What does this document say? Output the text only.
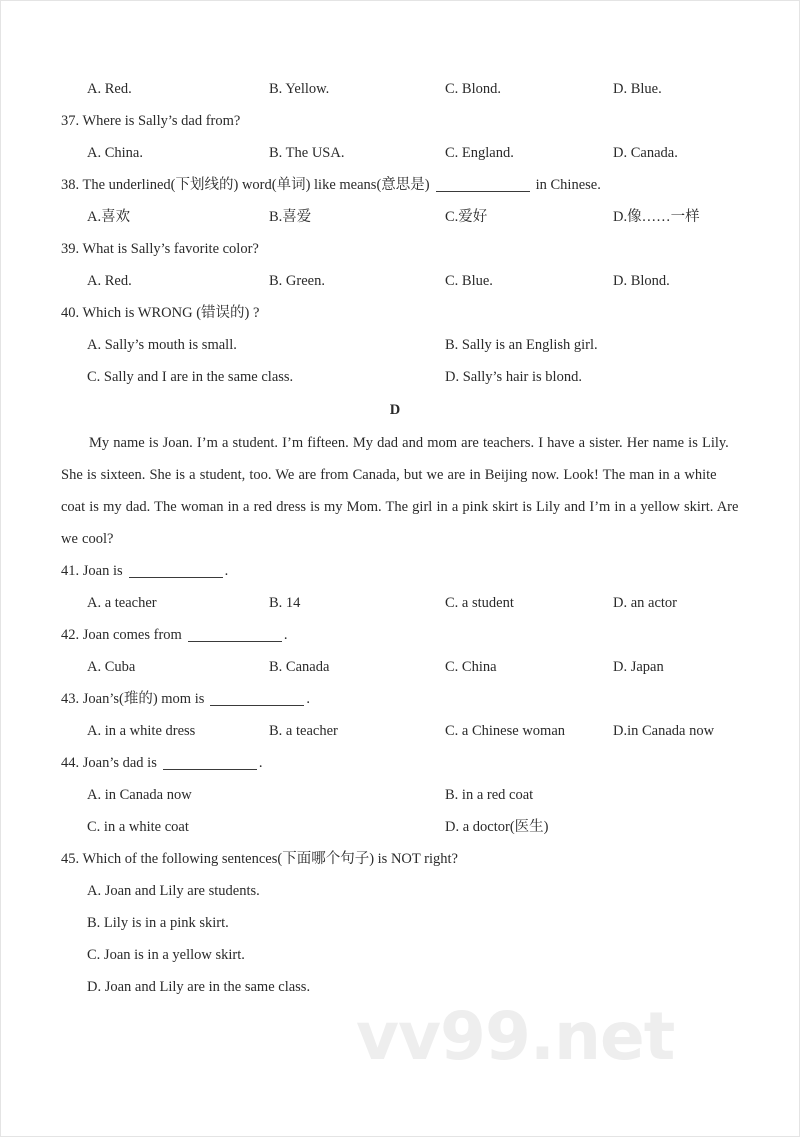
A. Red.	B. Yellow.	C. Blond.	D. Blue.
37. Where is Sally’s dad from?
A. China.	B. The USA.	C. England.	D. Canada.
38. The underlined(下划线的) word(单词) like means(意思是)	in Chinese.
A.喜欢	B.喜爱	C.爱好	D.像……一样
39. What is Sally’s favorite color?
A. Red.	B. Green.	C. Blue.	D. Blond.
40. Which is WRONG (错误的) ?
A. Sally’s mouth is small.	B. Sally is an English girl.
C. Sally and I are in the same class.	D. Sally’s hair is blond.
D

My name is Joan. I’m a student. I’m fifteen. My dad and mom are teachers. I have a sister. Her name is Lily. She is sixteen. She is a student, too. We are from Canada, but we are in Beijing now. Look! The man in a white coat is my dad. The woman in a red dress is my Mom. The girl in a pink skirt is Lily and I’m in a yellow skirt. Are we cool?

41. Joan is	.
A. a teacher	B. 14	C. a student	D. an actor
42. Joan comes from	.
A. Cuba	B. Canada	C. China	D. Japan
43. Joan’s(琟的) mom is	.
A. in a white dress	B. a teacher	C. a Chinese woman	D.in Canada now
44. Joan’s dad is	.
A. in Canada now	B. in a red coat
C. in a white coat	D. a doctor(医生)
45. Which of the following sentences(下面哪个句子) is NOT right?
A. Joan and Lily are students.
B. Lily is in a pink skirt.
C. Joan is in a yellow skirt.
D. Joan and Lily are in the same class.
vv99.net
